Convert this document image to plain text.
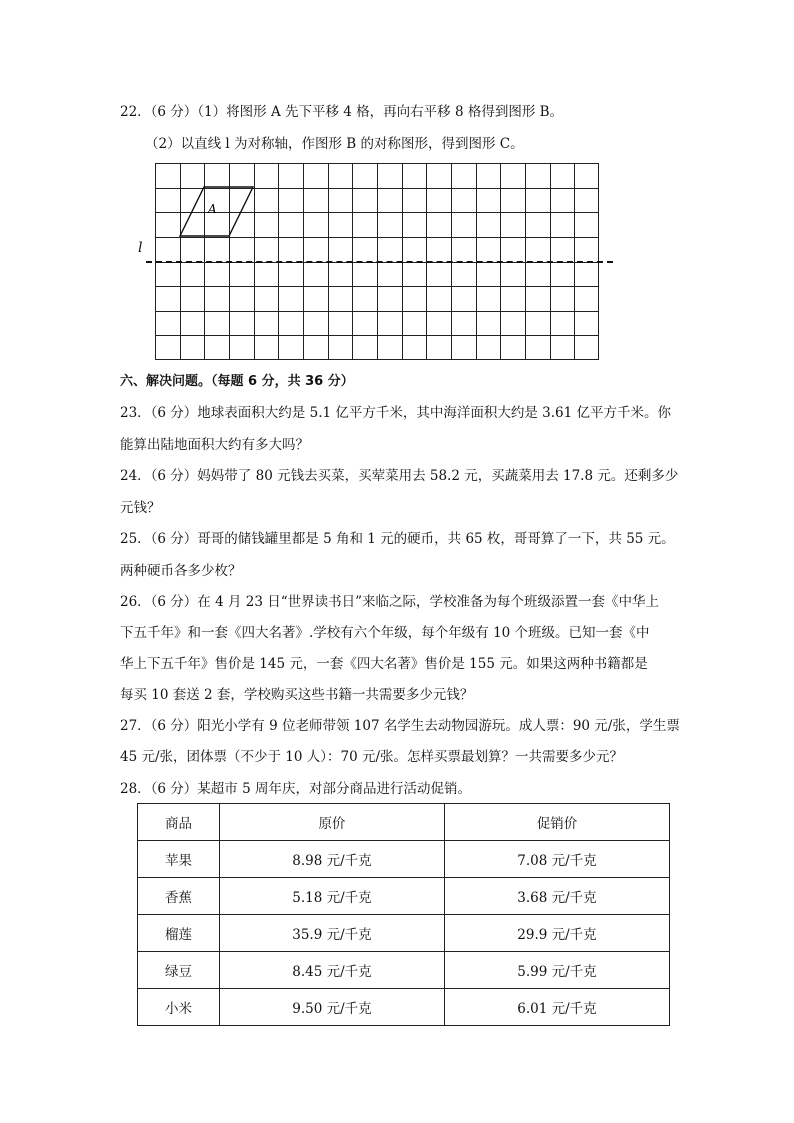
22．（6 分）（1）将图形 A 先下平移 4 格，再向右平移 8 格得到图形 B。
（2）以直线 l 为对称轴，作图形 B 的对称图形，得到图形 C。
A
l
六、解决问题。（每题 6 分，共 36 分）
23．（6 分）地球表面积大约是 5.1 亿平方千米，其中海洋面积大约是 3.61 亿平方千米。你
能算出陆地面积大约有多大吗？
24．（6 分）妈妈带了 80 元钱去买菜，买荤菜用去 58.2 元，买蔬菜用去 17.8 元。还剩多少
元钱？
25．（6 分）哥哥的储钱罐里都是 5 角和 1 元的硬币，共 65 枚，哥哥算了一下，共 55 元。
两种硬币各多少枚？
26．（6 分）在 4 月 23 日“世界读书日”来临之际，学校准备为每个班级添置一套《中华上
下五千年》和一套《四大名著》.学校有六个年级，每个年级有 10 个班级。已知一套《中
华上下五千年》售价是 145 元，一套《四大名著》售价是 155 元。如果这两种书籍都是
每买 10 套送 2 套，学校购买这些书籍一共需要多少元钱？
27．（6 分）阳光小学有 9 位老师带领 107 名学生去动物园游玩。成人票：90 元/张，学生票
45 元/张，团体票（不少于 10 人）：70 元/张。怎样买票最划算？一共需要多少元？
28．（6 分）某超市 5 周年庆，对部分商品进行活动促销。
商品	原价	促销价
苹果	8.98 元/千克	7.08 元/千克
香蕉	5.18 元/千克	3.68 元/千克
榴莲	35.9 元/千克	29.9 元/千克
绿豆	8.45 元/千克	5.99 元/千克
小米	9.50 元/千克	6.01 元/千克
